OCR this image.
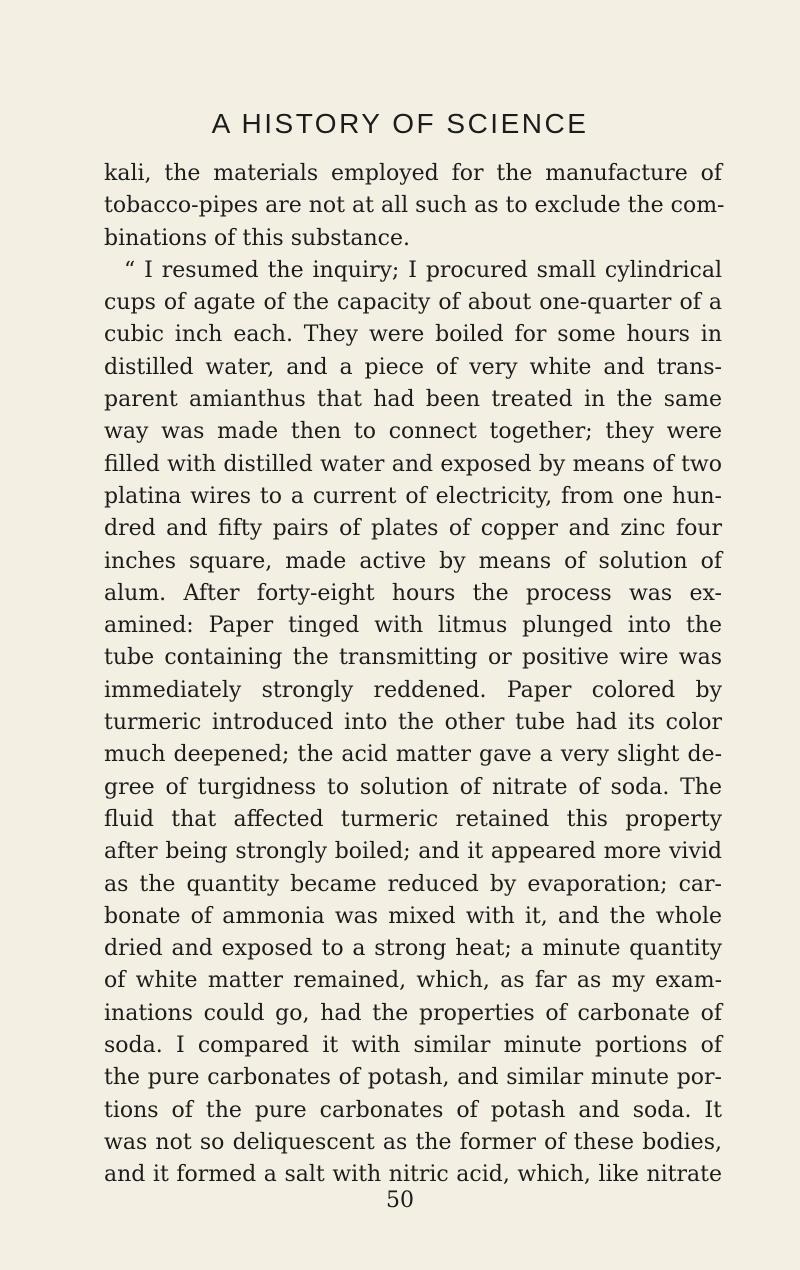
A HISTORY OF SCIENCE
kali, the materials employed for the manufacture of
tobacco-pipes are not at all such as to exclude the com-
binations of this substance.
“ I resumed the inquiry; I procured small cylindrical
cups of agate of the capacity of about one-quarter of a
cubic inch each. They were boiled for some hours in
distilled water, and a piece of very white and trans-
parent amianthus that had been treated in the same
way was made then to connect together; they were
filled with distilled water and exposed by means of two
platina wires to a current of electricity, from one hun-
dred and fifty pairs of plates of copper and zinc four
inches square, made active by means of solution of
alum. After forty-eight hours the process was ex-
amined: Paper tinged with litmus plunged into the
tube containing the transmitting or positive wire was
immediately strongly reddened. Paper colored by
turmeric introduced into the other tube had its color
much deepened; the acid matter gave a very slight de-
gree of turgidness to solution of nitrate of soda. The
fluid that affected turmeric retained this property
after being strongly boiled; and it appeared more vivid
as the quantity became reduced by evaporation; car-
bonate of ammonia was mixed with it, and the whole
dried and exposed to a strong heat; a minute quantity
of white matter remained, which, as far as my exam-
inations could go, had the properties of carbonate of
soda. I compared it with similar minute portions of
the pure carbonates of potash, and similar minute por-
tions of the pure carbonates of potash and soda. It
was not so deliquescent as the former of these bodies,
and it formed a salt with nitric acid, which, like nitrate
50
